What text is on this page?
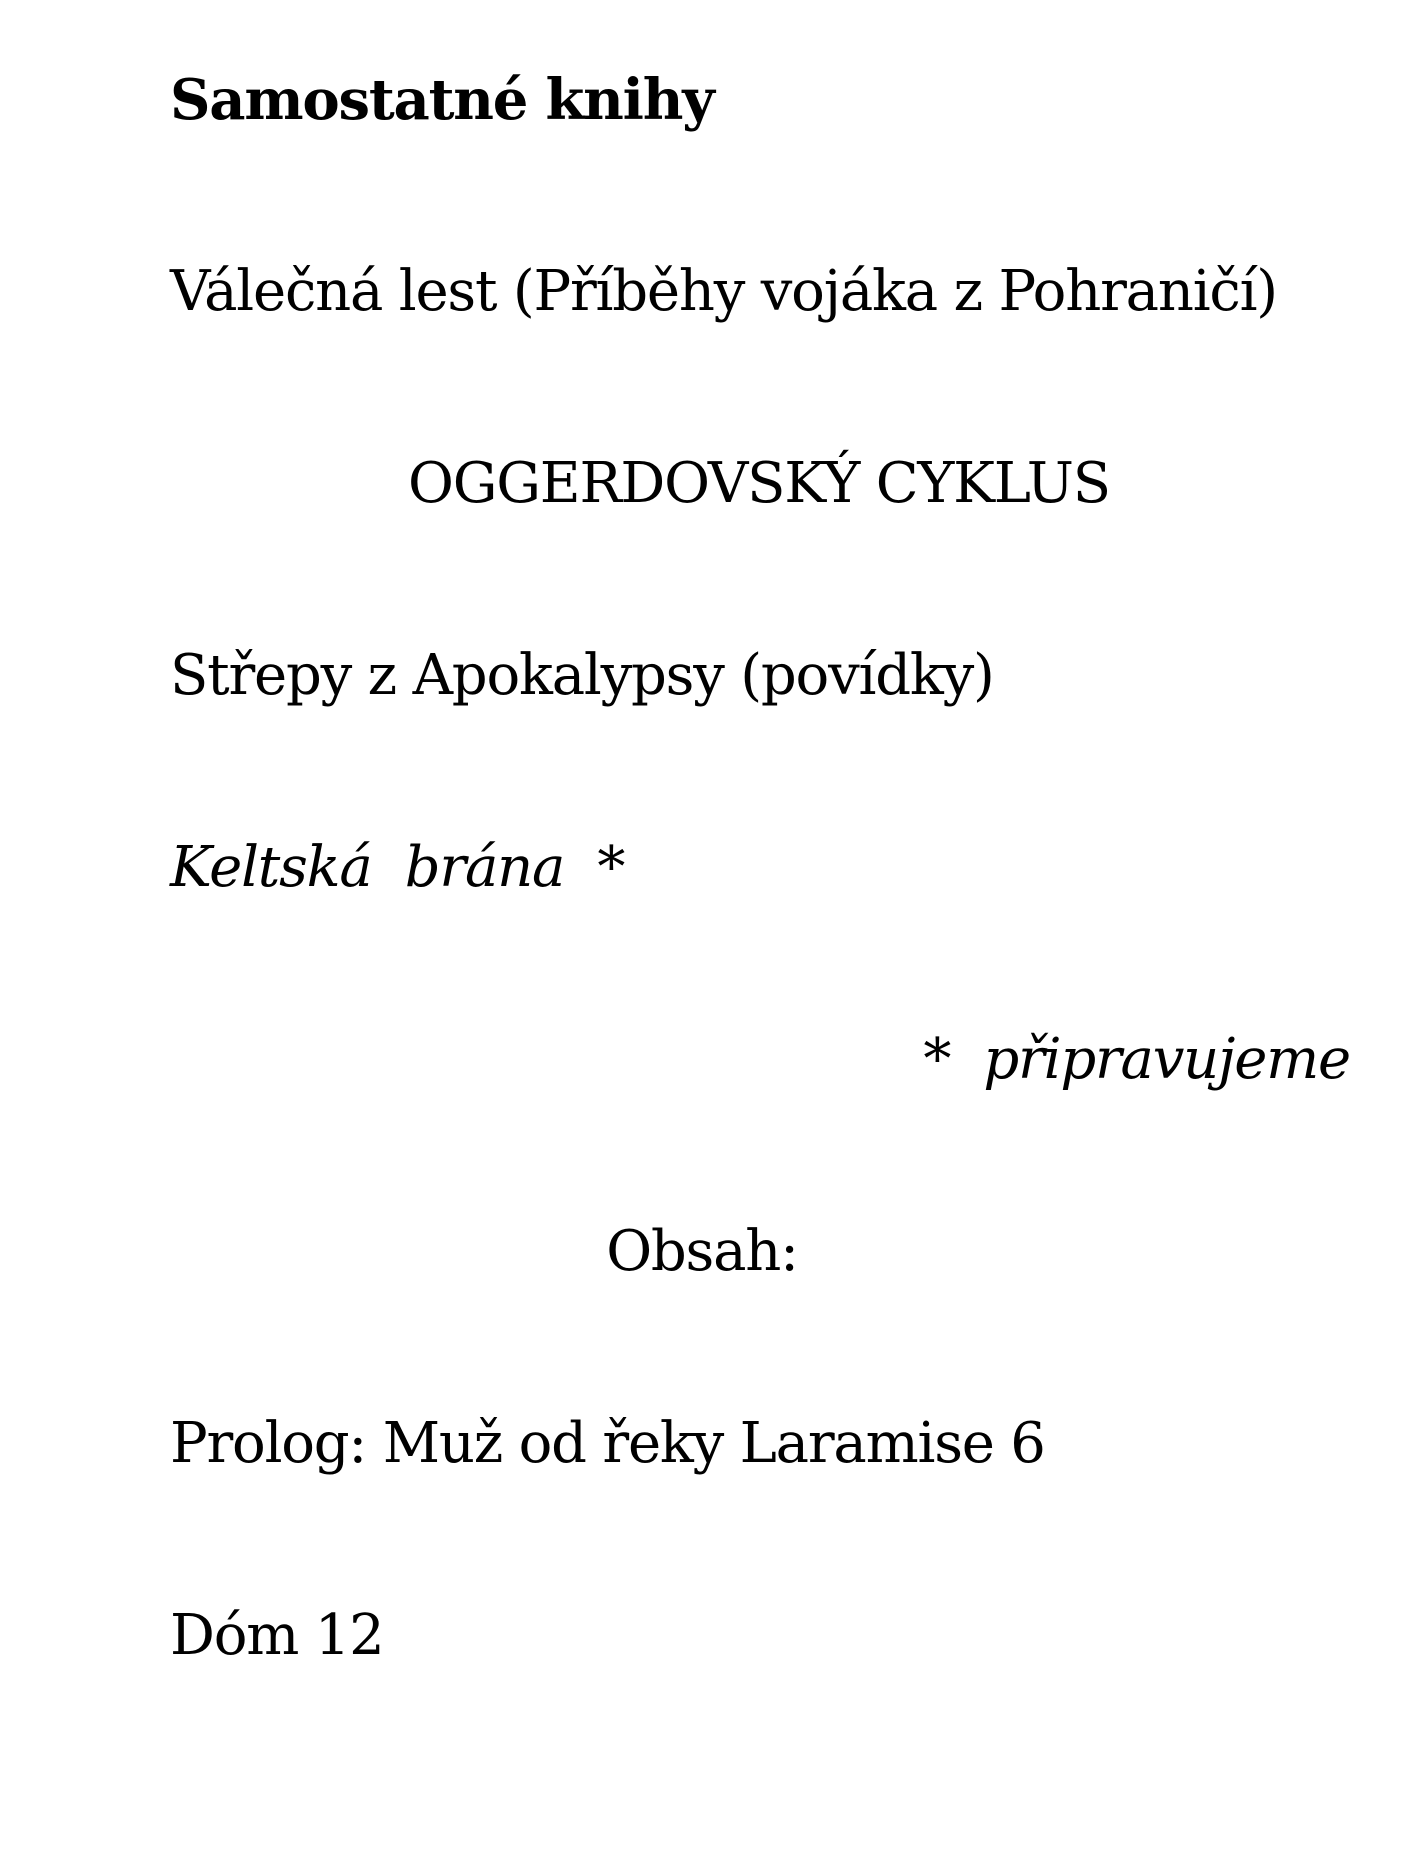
Samostatné knihy
Válečná lest (Příběhy vojáka z Pohraničí)
OGGERDOVSKÝ CYKLUS
Střepy z Apokalypsy (povídky)
Keltská  brána  *
*  připravujeme
Obsah:
Prolog: Muž od řeky Laramise 6
Dóm 12
